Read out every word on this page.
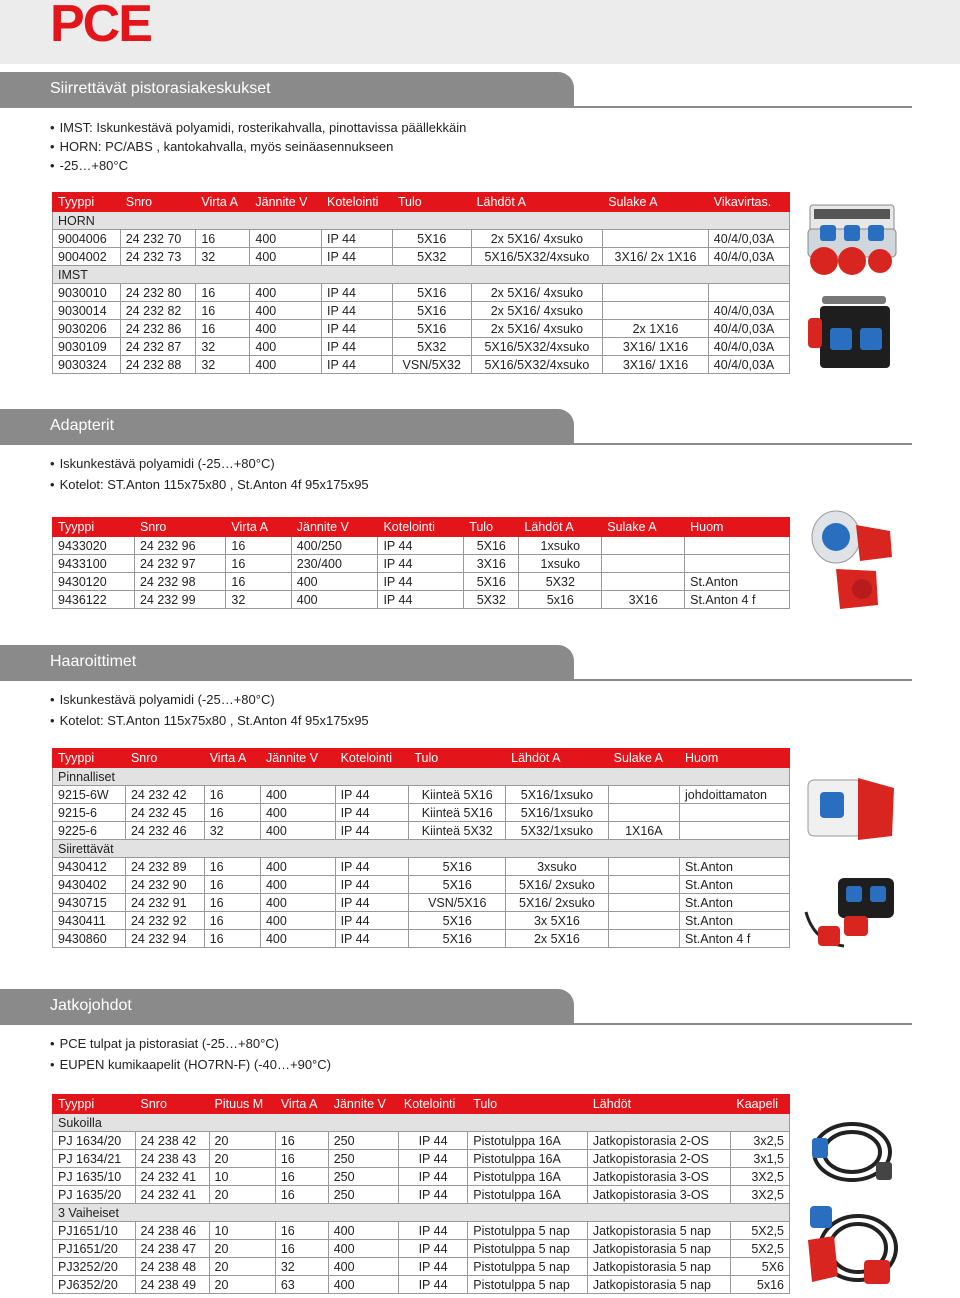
PCE
Siirrettävät pistorasiakeskukset
• IMST: Iskunkestävä polyamidi, rosterikahvalla, pinottavissa päällekkäin
• HORN: PC/ABS , kantokahvalla, myös seinäasennukseen
• -25…+80°C
Tyyppi	Snro	Virta A	Jännite V	Kotelointi	Tulo	Lähdöt A	Sulake A	Vikavirtas.
HORN								
9004006	24 232 70	16	400	IP 44	5X16	2x 5X16/ 4xsuko		40/4/0,03A
9004002	24 232 73	32	400	IP 44	5X32	5X16/5X32/4xsuko	3X16/ 2x 1X16	40/4/0,03A
IMST								
9030010	24 232 80	16	400	IP 44	5X16	2x 5X16/ 4xsuko		
9030014	24 232 82	16	400	IP 44	5X16	2x 5X16/ 4xsuko		40/4/0,03A
9030206	24 232 86	16	400	IP 44	5X16	2x 5X16/ 4xsuko	2x 1X16	40/4/0,03A
9030109	24 232 87	32	400	IP 44	5X32	5X16/5X32/4xsuko	3X16/ 1X16	40/4/0,03A
9030324	24 232 88	32	400	IP 44	VSN/5X32	5X16/5X32/4xsuko	3X16/ 1X16	40/4/0,03A
Adapterit
• Iskunkestävä polyamidi (-25…+80°C)
• Kotelot: ST.Anton 115x75x80 , St.Anton 4f 95x175x95
Tyyppi	Snro	Virta A	Jännite V	Kotelointi	Tulo	Lähdöt A	Sulake A	Huom
9433020	24 232 96	16	400/250	IP 44	5X16	1xsuko		
9433100	24 232 97	16	230/400	IP 44	3X16	1xsuko		
9430120	24 232 98	16	400	IP 44	5X16	5X32		St.Anton
9436122	24 232 99	32	400	IP 44	5X32	5x16	3X16	St.Anton 4 f
Haaroittimet
• Iskunkestävä polyamidi (-25…+80°C)
• Kotelot: ST.Anton 115x75x80 , St.Anton 4f 95x175x95
Tyyppi	Snro	Virta A	Jännite V	Kotelointi	Tulo	Lähdöt A	Sulake A	Huom
Pinnalliset								
9215-6W	24 232 42	16	400	IP 44	Kiinteä 5X16	5X16/1xsuko		johdoittamaton
9215-6	24 232 45	16	400	IP 44	Kiinteä 5X16	5X16/1xsuko		
9225-6	24 232 46	32	400	IP 44	Kiinteä 5X32	5X32/1xsuko	1X16A	
Siirettävät								
9430412	24 232 89	16	400	IP 44	5X16	3xsuko		St.Anton
9430402	24 232 90	16	400	IP 44	5X16	5X16/ 2xsuko		St.Anton
9430715	24 232 91	16	400	IP 44	VSN/5X16	5X16/ 2xsuko		St.Anton
9430411	24 232 92	16	400	IP 44	5X16	3x 5X16		St.Anton
9430860	24 232 94	16	400	IP 44	5X16	2x 5X16		St.Anton 4 f
Jatkojohdot
• PCE tulpat ja pistorasiat (-25…+80°C)
• EUPEN kumikaapelit (HO7RN-F) (-40…+90°C)
Tyyppi	Snro	Pituus M	Virta A	Jännite V	Kotelointi	Tulo	Lähdöt	Kaapeli
Sukoilla								
PJ 1634/20	24 238 42	20	16	250	IP 44	Pistotulppa 16A	Jatkopistorasia 2-OS	3x2,5
PJ 1634/21	24 238 43	20	16	250	IP 44	Pistotulppa 16A	Jatkopistorasia 2-OS	3x1,5
PJ 1635/10	24 232 41	10	16	250	IP 44	Pistotulppa 16A	Jatkopistorasia 3-OS	3X2,5
PJ 1635/20	24 232 41	20	16	250	IP 44	Pistotulppa 16A	Jatkopistorasia 3-OS	3X2,5
3 Vaiheiset								
PJ1651/10	24 238 46	10	16	400	IP 44	Pistotulppa 5 nap	Jatkopistorasia 5 nap	5X2,5
PJ1651/20	24 238 47	20	16	400	IP 44	Pistotulppa 5 nap	Jatkopistorasia 5 nap	5X2,5
PJ3252/20	24 238 48	20	32	400	IP 44	Pistotulppa 5 nap	Jatkopistorasia 5 nap	5X6
PJ6352/20	24 238 49	20	63	400	IP 44	Pistotulppa 5 nap	Jatkopistorasia 5 nap	5x16
